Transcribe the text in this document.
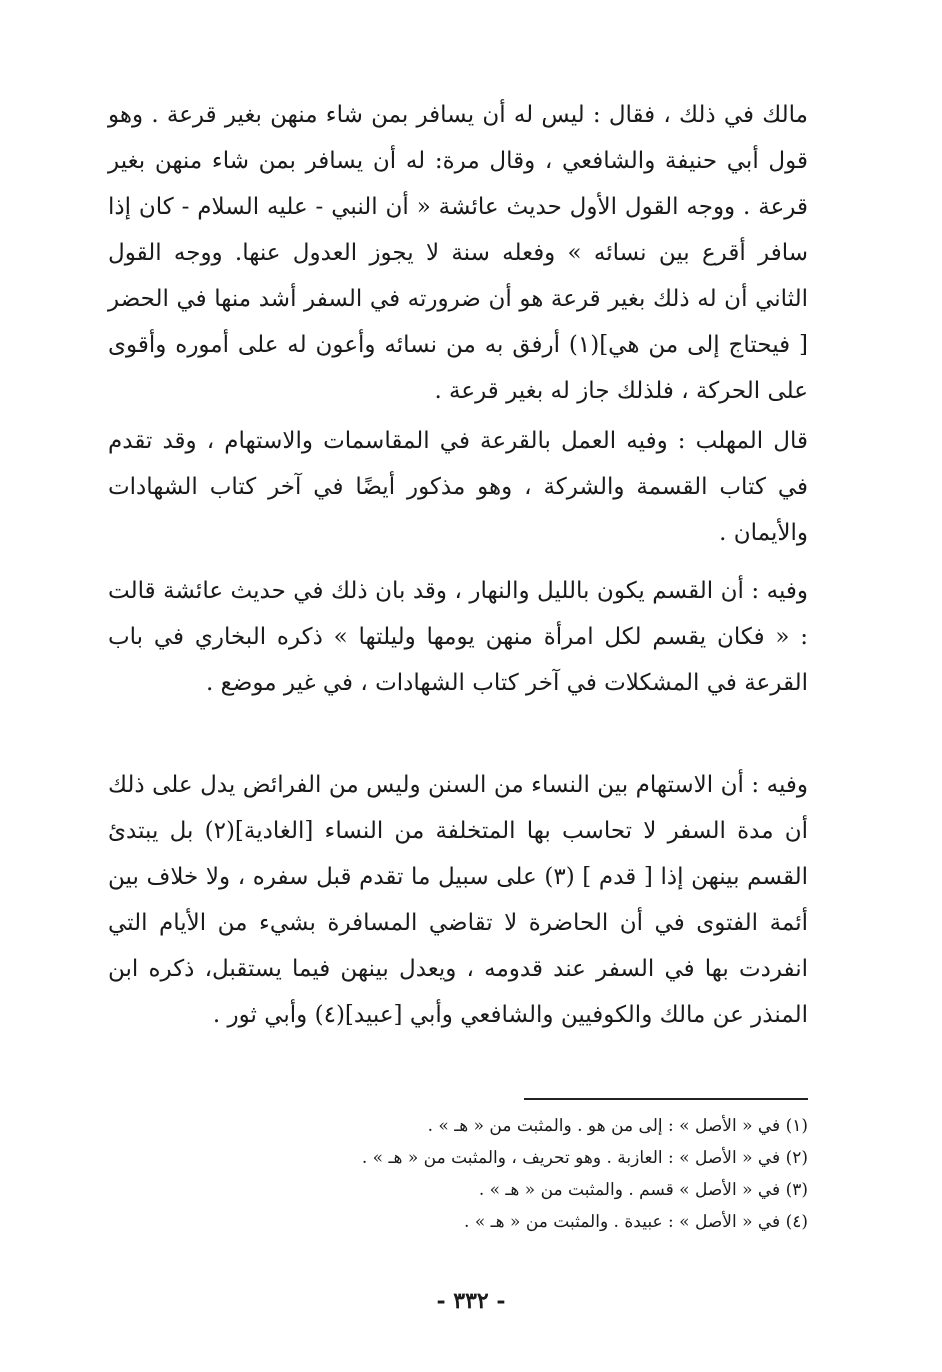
مالك في ذلك ، فقال : ليس له أن يسافر بمن شاء منهن بغير قرعة . وهو قول أبي حنيفة والشافعي ، وقال مرة: له أن يسافر بمن شاء منهن بغير قرعة . ووجه القول الأول حديث عائشة « أن النبي - عليه السلام - كان إذا سافر أقرع بين نسائه » وفعله سنة لا يجوز العدول عنها. ووجه القول الثاني أن له ذلك بغير قرعة هو أن ضرورته في السفر أشد منها في الحضر [ فيحتاج إلى من هي](١) أرفق به من نسائه وأعون له على أموره وأقوى على الحركة ، فلذلك جاز له بغير قرعة .

قال المهلب : وفيه العمل بالقرعة في المقاسمات والاستهام ، وقد تقدم في كتاب القسمة والشركة ، وهو مذكور أيضًا في آخر كتاب الشهادات والأيمان .

وفيه : أن القسم يكون بالليل والنهار ، وقد بان ذلك في حديث عائشة قالت : « فكان يقسم لكل امرأة منهن يومها وليلتها » ذكره البخاري في باب القرعة في المشكلات في آخر كتاب الشهادات ، في غير موضع .

وفيه : أن الاستهام بين النساء من السنن وليس من الفرائض يدل على ذلك أن مدة السفر لا تحاسب بها المتخلفة من النساء [الغادية](٢) بل يبتدئ القسم بينهن إذا [ قدم ] (٣) على سبيل ما تقدم قبل سفره ، ولا خلاف بين أئمة الفتوى في أن الحاضرة لا تقاضي المسافرة بشيء من الأيام التي انفردت بها في السفر عند قدومه ، ويعدل بينهن فيما يستقبل، ذكره ابن المنذر عن مالك والكوفيين والشافعي وأبي [عبيد](٤) وأبي ثور .

(١) في « الأصل » : إلى من هو . والمثبت من « هـ » .
(٢) في « الأصل » : العازبة . وهو تحريف ، والمثبت من « هـ » .
(٣) في « الأصل » قسم . والمثبت من « هـ » .
(٤) في « الأصل » : عبيدة . والمثبت من « هـ » .
- ٣٣٢ -
